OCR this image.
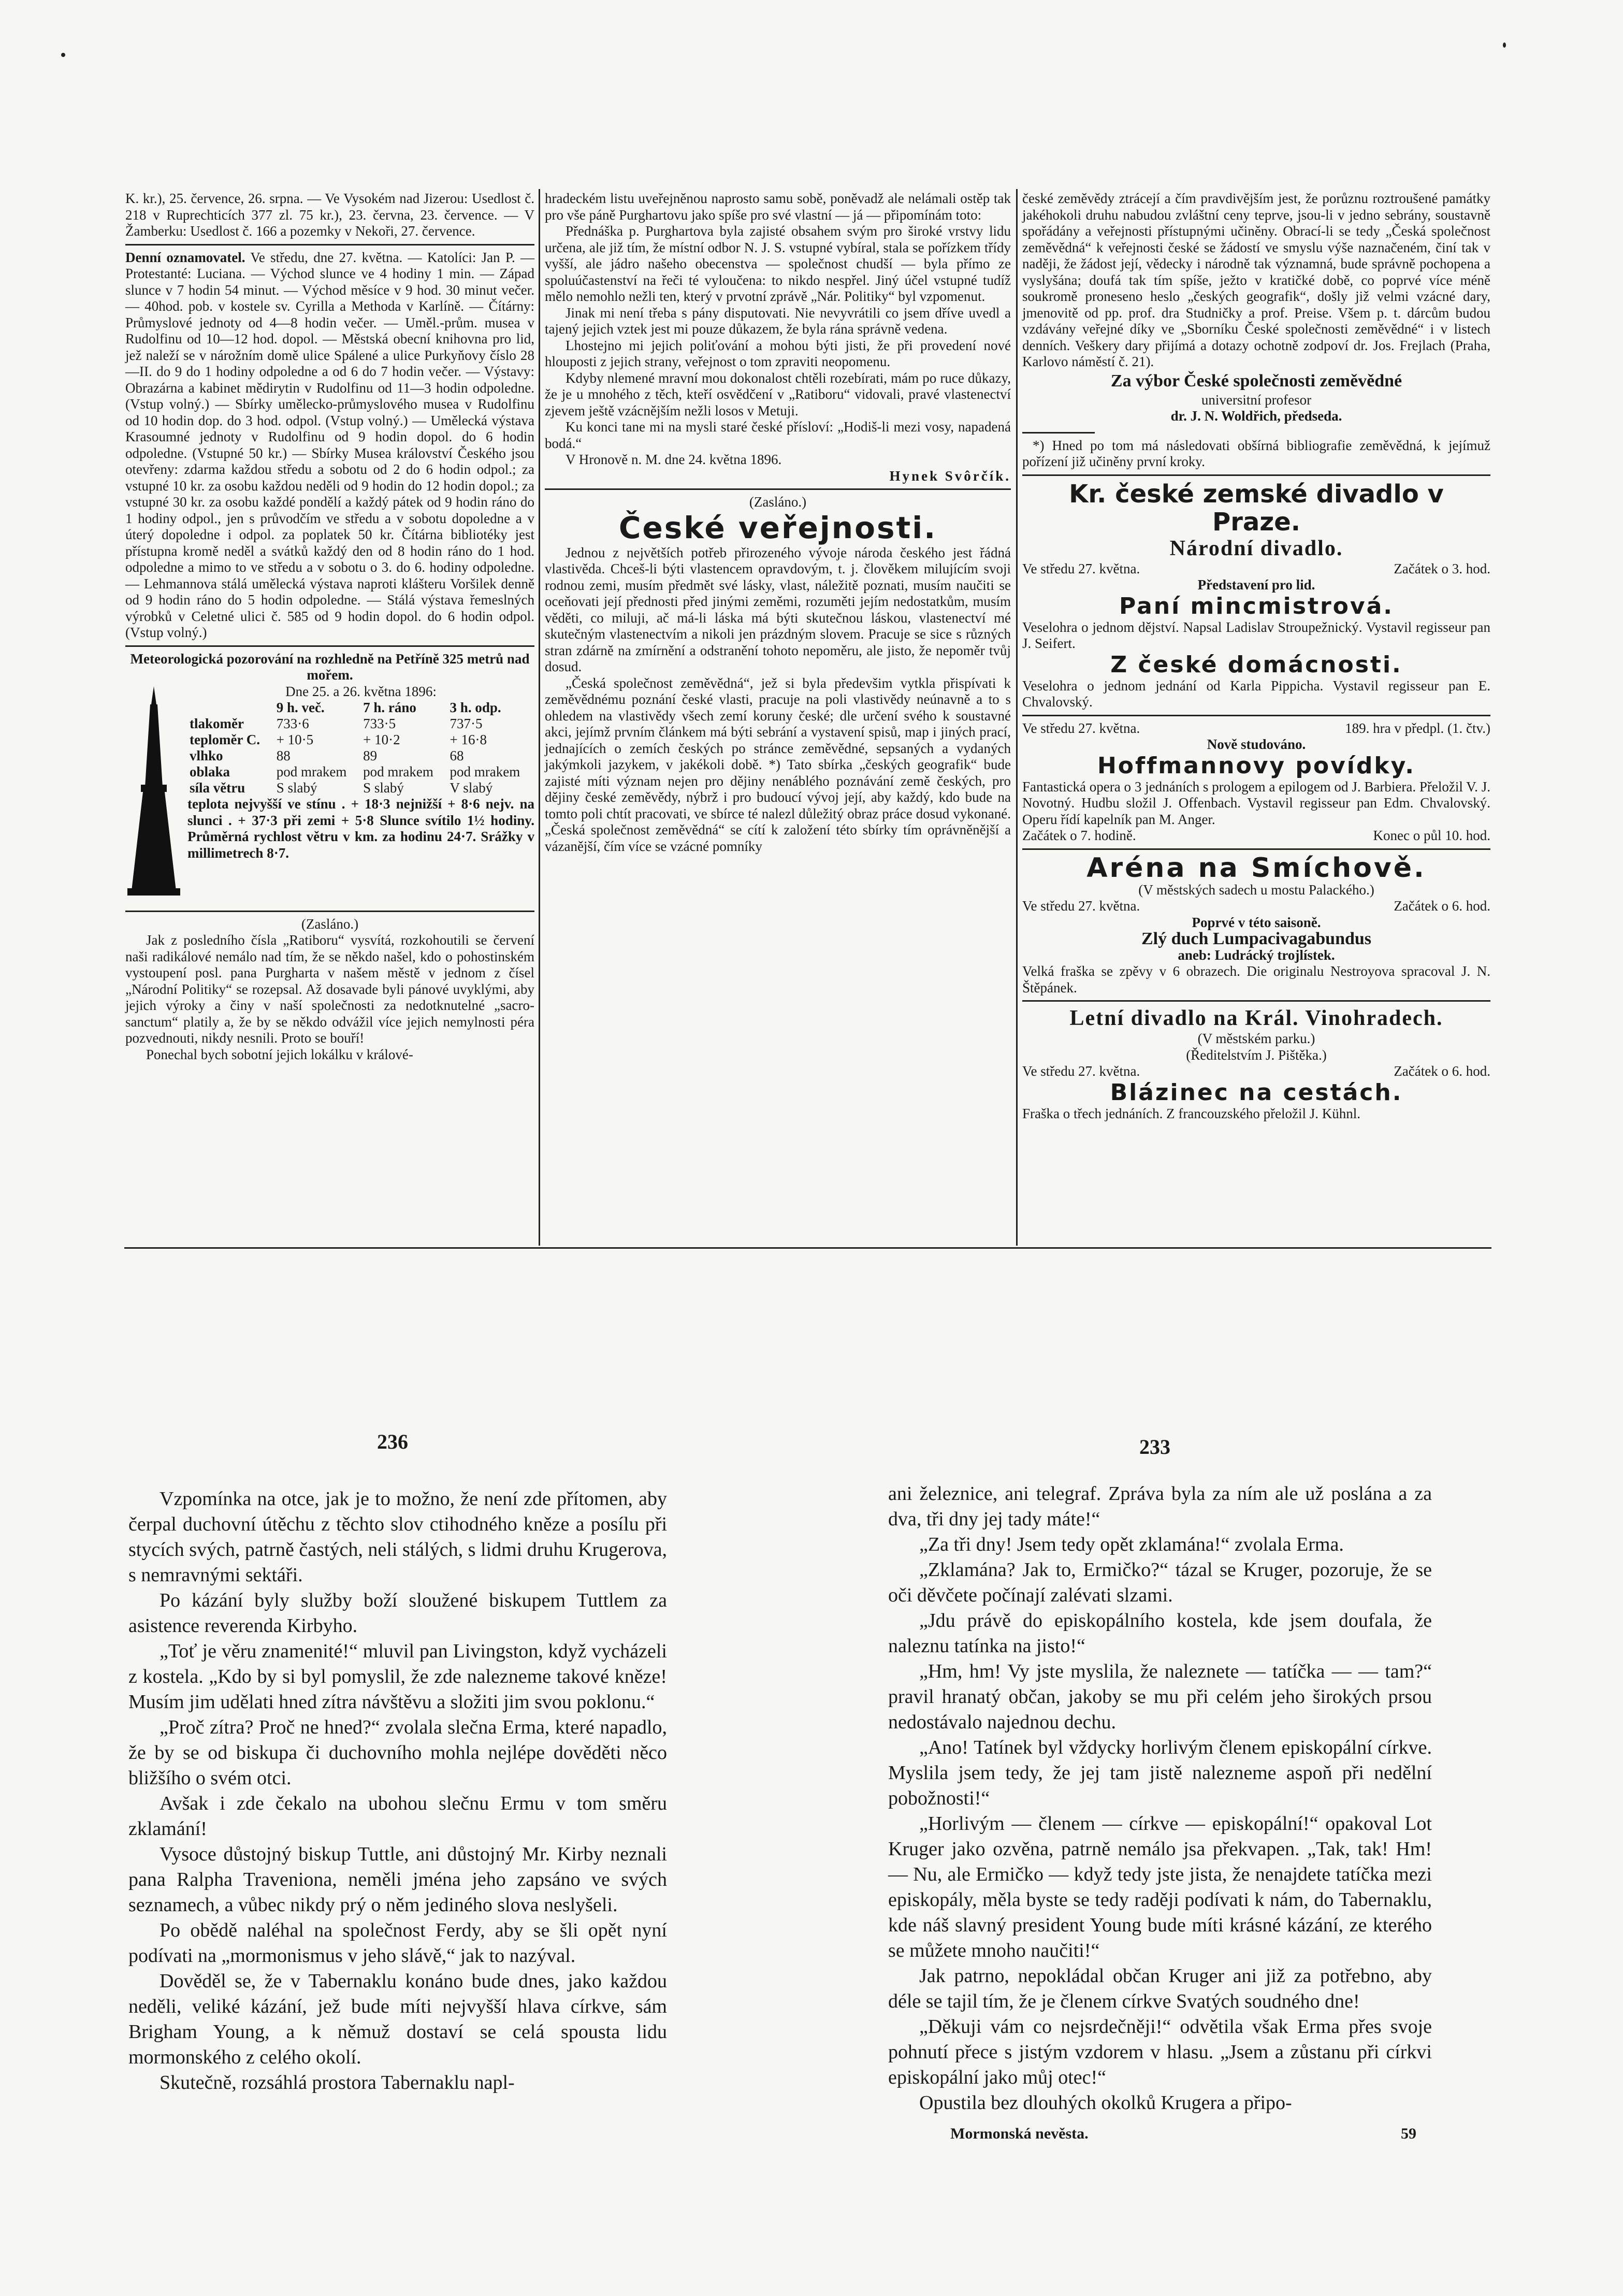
K. kr.), 25. července, 26. srpna. — Ve Vysokém nad Jizerou: Usedlost č. 218 v Ruprechticích 377 zl. 75 kr.), 23. června, 23. července. — V Žamberku: Usedlost č. 166 a pozemky v Nekoři, 27. července.

Denní oznamovatel. Ve středu, dne 27. května. — Katolíci: Jan P. — Protestanté: Luciana. — Východ slunce ve 4 hodiny 1 min. — Západ slunce v 7 hodin 54 minut. — Východ měsíce v 9 hod. 30 minut večer. — 40hod. pob. v kostele sv. Cyrilla a Methoda v Karlíně. — Čítárny: Průmyslové jednoty od 4—8 hodin večer. — Uměl.-prům. musea v Rudolfinu od 10—12 hod. dopol. — Městská obecní knihovna pro lid, jež naleží se v nárožním domě ulice Spálené a ulice Purkyňovy číslo 28—II. do 9 do 1 hodiny odpoledne a od 6 do 7 hodin večer. — Výstavy: Obrazárna a kabinet mědirytin v Rudolfinu od 11—3 hodin odpoledne. (Vstup volný.) — Sbírky umělecko-průmyslového musea v Rudolfinu od 10 hodin dop. do 3 hod. odpol. (Vstup volný.) — Umělecká výstava Krasoumné jednoty v Rudolfinu od 9 hodin dopol. do 6 hodin odpoledne. (Vstupné 50 kr.) — Sbírky Musea království Českého jsou otevřeny: zdarma každou středu a sobotu od 2 do 6 hodin odpol.; za vstupné 10 kr. za osobu každou neděli od 9 hodin do 12 hodin dopol.; za vstupné 30 kr. za osobu každé pondělí a každý pátek od 9 hodin ráno do 1 hodiny odpol., jen s průvodčím ve středu a v sobotu dopoledne a v úterý dopoledne i odpol. za poplatek 50 kr. Čítárna bibliotéky jest přístupna kromě neděl a svátků každý den od 8 hodin ráno do 1 hod. odpoledne a mimo to ve středu a v sobotu o 3. do 6. hodiny odpoledne. — Lehmannova stálá umělecká výstava naproti klášteru Voršilek denně od 9 hodin ráno do 5 hodin odpoledne. — Stálá výstava řemeslných výrobků v Celetné ulici č. 585 od 9 hodin dopol. do 6 hodin odpol. (Vstup volný.)

Meteorologická pozorování na rozhledně na Petříně 325 metrů nad mořem.

Dne 25. a 26. května 1896:

	9 h. več.	7 h. ráno	3 h. odp.
tlakoměr	733·6	733·5	737·5
teploměr C.	+ 10·5	+ 10·2	+ 16·8
vlhko	88	89	68
oblaka	pod mrakem	pod mrakem	pod mrakem
síla větru	S slabý	S slabý	V slabý

teplota nejvyšší ve stínu . + 18·3 nejnižší + 8·6 nejv. na slunci . + 37·3 při zemi + 5·8 Slunce svítilo 1½ hodiny. Průměrná rychlost větru v km. za hodinu 24·7. Srážky v millimetrech 8·7.

(Zasláno.)

Jak z posledního čísla „Ratiboru“ vysvítá, rozkohoutili se červení naši radikálové nemálo nad tím, že se někdo našel, kdo o pohostinském vystoupení posl. pana Purgharta v našem městě v jednom z čísel „Národní Politiky“ se rozepsal. Až dosavade byli pánové uvyklými, aby jejich výroky a činy v naší společnosti za nedotknutelné „sacro-sanctum“ platily a, že by se někdo odvážil více jejich nemylnosti péra pozvednouti, nikdy nesnili. Proto se bouří!

Ponechal bych sobotní jejich lokálku v králové-

hradeckém listu uveřejněnou naprosto samu sobě, poněvadž ale nelámali ostěp tak pro vše páně Purghartovu jako spíše pro své vlastní — já — připomínám toto:

Přednáška p. Purghartova byla zajisté obsahem svým pro široké vrstvy lidu určena, ale již tím, že místní odbor N. J. S. vstupné vybíral, stala se pořízkem třídy vyšší, ale jádro našeho obecenstva — společnost chudší — byla přímo ze spoluúčastenství na řeči té vyloučena: to nikdo nespřel. Jiný účel vstupné tudíž mělo nemohlo nežli ten, který v prvotní zprávě „Nár. Politiky“ byl vzpomenut.

Jinak mi není třeba s pány disputovati. Nie nevyvrátili co jsem dříve uvedl a tajený jejich vztek jest mi pouze důkazem, že byla rána správně vedena.

Lhostejno mi jejich poliťování a mohou býti jisti, že při provedení nové hlouposti z jejich strany, veřejnost o tom zpraviti neopomenu.

Kdyby nlemené mravní mou dokonalost chtěli rozebírati, mám po ruce důkazy, že je u mnohého z těch, kteří osvědčení v „Ratiboru“ vidovali, pravé vlastenectví zjevem ještě vzácnějším nežli losos v Metuji.

Ku konci tane mi na mysli staré české přísloví: „Hodiš-li mezi vosy, napadená bodá.“

V Hronově n. M. dne 24. května 1896.

Hynek Svôrčík.

(Zasláno.)

České veřejnosti.

Jednou z největších potřeb přirozeného vývoje národa českého jest řádná vlastivěda. Chceš-li býti vlastencem opravdovým, t. j. člověkem milujícím svoji rodnou zemi, musím předmět své lásky, vlast, náležitě poznati, musím naučiti se oceňovati její přednosti před jinými zeměmi, rozuměti jejím nedostatkům, musím věděti, co miluji, ač má-li láska má býti skutečnou láskou, vlastenectví mé skutečným vlastenectvím a nikoli jen prázdným slovem. Pracuje se sice s různých stran zdárně na zmírnění a odstranění tohoto nepoměru, ale jisto, že nepoměr tvůj dosud.

„Česká společnost zeměvědná“, jež si byla předevšim vytkla přispívati k zeměvědnému poznání české vlasti, pracuje na poli vlastivědy neúnavně a to s ohledem na vlastivědy všech zemí koruny české; dle určení svého k soustavné akci, jejímž prvním článkem má býti sebrání a vystavení spisů, map i jiných prací, jednajících o zemích českých po stránce zeměvědné, sepsaných a vydaných jakýmkoli jazykem, v jakékoli době. *) Tato sbírka „českých geografik“ bude zajisté míti význam nejen pro dějiny nenáblého poznávání země českých, pro dějiny české zeměvědy, nýbrž i pro budoucí vývoj její, aby každý, kdo bude na tomto poli chtít pracovati, ve sbírce té nalezl důležitý obraz práce dosud vykonané. „Česká společnost zeměvědná“ se cítí k založení této sbírky tím oprávněnější a vázanější, čím více se vzácné pomníky

české zeměvědy ztrácejí a čím pravdivějším jest, že porůznu roztroušené památky jakéhokoli druhu nabudou zvláštní ceny teprve, jsou-li v jedno sebrány, soustavně spořádány a veřejnosti přístupnými učiněny. Obrací-li se tedy „Česká společnost zeměvědná“ k veřejnosti české se žádostí ve smyslu výše naznačeném, činí tak v naději, že žádost její, vědecky i národně tak významná, bude správně pochopena a vyslyšána; doufá tak tím spíše, ježto v kratičké době, co poprvé více méně soukromě proneseno heslo „českých geografik“, došly již velmi vzácné dary, jmenovitě od pp. prof. dra Studničky a prof. Preise. Všem p. t. dárcům budou vzdávány veřejné díky ve „Sborníku České společnosti zeměvědné“ i v listech denních. Veškery dary přijímá a dotazy ochotně zodpoví dr. Jos. Frejlach (Praha, Karlovo náměstí č. 21).

Za výbor České společnosti zeměvědné

universitní profesor

dr. J. N. Woldřich, předseda.

*) Hned po tom má následovati obšírná bibliografie zeměvědná, k jejímuž pořízení již učiněny první kroky.

Kr. české zemské divadlo v Praze.

Národní divadlo.

Ve středu 27. května.	Začátek o 3. hod.

Představení pro lid.

Paní mincmistrová.

Veselohra o jednom dějství. Napsal Ladislav Stroupežnický. Vystavil regisseur pan J. Seifert.

Z české domácnosti.

Veselohra o jednom jednání od Karla Pippicha. Vystavil regisseur pan E. Chvalovský.

Ve středu 27. května.	189. hra v předpl. (1. čtv.)

Nově studováno.

Hoffmannovy povídky.

Fantastická opera o 3 jednáních s prologem a epilogem od J. Barbiera. Přeložil V. J. Novotný. Hudbu složil J. Offenbach. Vystavil regisseur pan Edm. Chvalovský. Operu řídí kapelník pan M. Anger.

Začátek o 7. hodině.	Konec o půl 10. hod.

Aréna na Smíchově.

(V městských sadech u mostu Palackého.)

Ve středu 27. května.	Začátek o 6. hod.

Poprvé v této saisoně.

Zlý duch Lumpacivagabundus

aneb: Ludrácký trojlístek.

Velká fraška se zpěvy v 6 obrazech. Die originalu Nestroyova spracoval J. N. Štěpánek.

Letní divadlo na Král. Vinohradech.

(V městském parku.)

(Ředitelstvím J. Pištěka.)

Ve středu 27. května.	Začátek o 6. hod.

Blázinec na cestách.

Fraška o třech jednáních. Z francouzského přeložil J. Kühnl.

236	233

Vzpomínka na otce, jak je to možno, že není zde přítomen, aby čerpal duchovní útěchu z těchto slov ctihodného kněze a posílu při stycích svých, patrně častých, neli stálých, s lidmi druhu Krugerova, s nemravnými sektáři.

Po kázání byly služby boží sloužené biskupem Tuttlem za asistence reverenda Kirbyho.

„Toť je věru znamenité!“ mluvil pan Livingston, když vycházeli z kostela. „Kdo by si byl pomyslil, že zde nalezneme takové kněze! Musím jim udělati hned zítra návštěvu a složiti jim svou poklonu.“

„Proč zítra? Proč ne hned?“ zvolala slečna Erma, které napadlo, že by se od biskupa či duchovního mohla nejlépe dověděti něco bližšího o svém otci.

Avšak i zde čekalo na ubohou slečnu Ermu v tom směru zklamání!

Vysoce důstojný biskup Tuttle, ani důstojný Mr. Kirby neznali pana Ralpha Traveniona, neměli jména jeho zapsáno ve svých seznamech, a vůbec nikdy prý o něm jediného slova neslyšeli.

Po obědě naléhal na společnost Ferdy, aby se šli opět nyní podívati na „mormonismus v jeho slávě,“ jak to nazýval.

Dověděl se, že v Tabernaklu konáno bude dnes, jako každou neděli, veliké kázání, jež bude míti nejvyšší hlava církve, sám Brigham Young, a k němuž dostaví se celá spousta lidu mormonského z celého okolí.

Skutečně, rozsáhlá prostora Tabernaklu napl-

ani železnice, ani telegraf. Zpráva byla za ním ale už poslána a za dva, tři dny jej tady máte!“

„Za tři dny! Jsem tedy opět zklamána!“ zvolala Erma.

„Zklamána? Jak to, Ermičko?“ tázal se Kruger, pozoruje, že se oči děvčete počínají zalévati slzami.

„Jdu právě do episkopálního kostela, kde jsem doufala, že naleznu tatínka na jisto!“

„Hm, hm! Vy jste myslila, že naleznete — tatíčka — — tam?“ pravil hranatý občan, jakoby se mu při celém jeho širokých prsou nedostávalo najednou dechu.

„Ano! Tatínek byl vždycky horlivým členem episkopální církve. Myslila jsem tedy, že jej tam jistě nalezneme aspoň při nedělní pobožnosti!“

„Horlivým — členem — církve — episkopální!“ opakoval Lot Kruger jako ozvěna, patrně nemálo jsa překvapen. „Tak, tak! Hm! — Nu, ale Ermičko — když tedy jste jista, že nenajdete tatíčka mezi episkopály, měla byste se tedy raději podívati k nám, do Tabernaklu, kde náš slavný president Young bude míti krásné kázání, ze kterého se můžete mnoho naučiti!“

Jak patrno, nepokládal občan Kruger ani již za potřebno, aby déle se tajil tím, že je členem církve Svatých soudného dne!

„Děkuji vám co nejsrdečněji!“ odvětila však Erma přes svoje pohnutí přece s jistým vzdorem v hlasu. „Jsem a zůstanu při církvi episkopální jako můj otec!“

Opustila bez dlouhých okolků Krugera a připo-

Mormonská nevěsta.	59
